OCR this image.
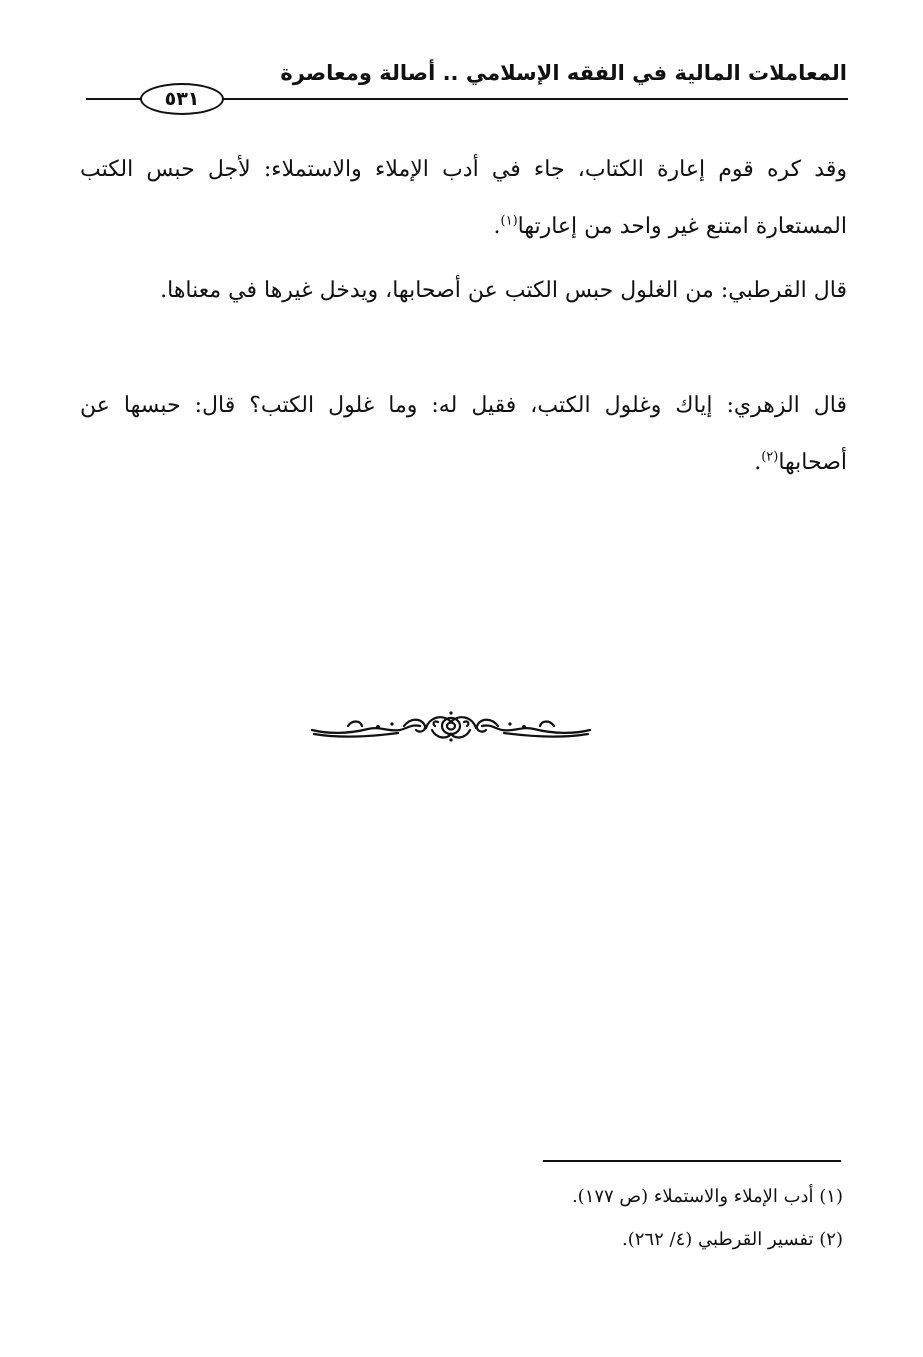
المعاملات المالية في الفقه الإسلامي .. أصالة ومعاصرة
٥٣١

وقد كره قوم إعارة الكتاب، جاء في أدب الإملاء والاستملاء: لأجل حبس الكتب المستعارة امتنع غير واحد من إعارتها$^{(١)}$.

قال القرطبي: من الغلول حبس الكتب عن أصحابها، ويدخل غيرها في معناها.

قال الزهري: إياك وغلول الكتب، فقيل له: وما غلول الكتب؟ قال: حبسها عن أصحابها$^{(٢)}$.

(١) أدب الإملاء والاستملاء (ص ١٧٧).
(٢) تفسير القرطبي (٤/ ٢٦٢).
